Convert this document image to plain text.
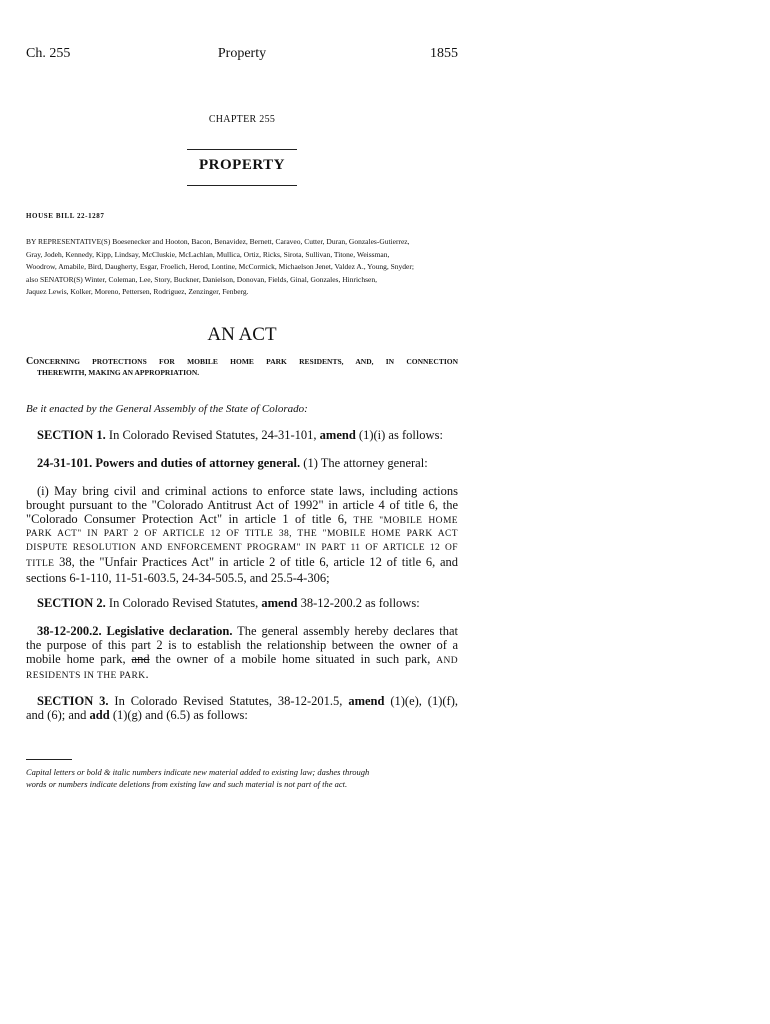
Ch. 255	Property	1855
CHAPTER 255
PROPERTY
HOUSE BILL 22-1287
BY REPRESENTATIVE(S) Boesenecker and Hooton, Bacon, Benavidez, Bernett, Caraveo, Cutter, Duran, Gonzales-Gutierrez,
Gray, Jodeh, Kennedy, Kipp, Lindsay, McCluskie, McLachlan, Mullica, Ortiz, Ricks, Sirota, Sullivan, Titone, Weissman,
Woodrow, Amabile, Bird, Daugherty, Esgar, Froelich, Herod, Lontine, McCormick, Michaelson Jenet, Valdez A., Young, Snyder;
also SENATOR(S) Winter, Coleman, Lee, Story, Buckner, Danielson, Donovan, Fields, Ginal, Gonzales, Hinrichsen,
Jaquez Lewis, Kolker, Moreno, Pettersen, Rodriguez, Zenzinger, Fenberg.
AN ACT
CONCERNING PROTECTIONS FOR MOBILE HOME PARK RESIDENTS, AND, IN CONNECTION
THEREWITH, MAKING AN APPROPRIATION.
Be it enacted by the General Assembly of the State of Colorado:
SECTION 1. In Colorado Revised Statutes, 24-31-101, amend (1)(i) as follows:
24-31-101. Powers and duties of attorney general. (1) The attorney general:
(i) May bring civil and criminal actions to enforce state laws, including actions
brought pursuant to the "Colorado Antitrust Act of 1992" in article 4 of title 6, the
"Colorado Consumer Protection Act" in article 1 of title 6, THE "MOBILE HOME
PARK ACT" IN PART 2 OF ARTICLE 12 OF TITLE 38, THE "MOBILE HOME PARK ACT
DISPUTE RESOLUTION AND ENFORCEMENT PROGRAM" IN PART 11 OF ARTICLE 12 OF
TITLE 38, the "Unfair Practices Act" in article 2 of title 6, article 12 of title 6, and
sections 6-1-110, 11-51-603.5, 24-34-505.5, and 25.5-4-306;
SECTION 2. In Colorado Revised Statutes, amend 38-12-200.2 as follows:
38-12-200.2. Legislative declaration. The general assembly hereby declares that
the purpose of this part 2 is to establish the relationship between the owner of a
mobile home park, and the owner of a mobile home situated in such park, AND
RESIDENTS IN THE PARK.
SECTION 3. In Colorado Revised Statutes, 38-12-201.5, amend (1)(e), (1)(f),
and (6); and add (1)(g) and (6.5) as follows:
Capital letters or bold & italic numbers indicate new material added to existing law; dashes through
words or numbers indicate deletions from existing law and such material is not part of the act.
